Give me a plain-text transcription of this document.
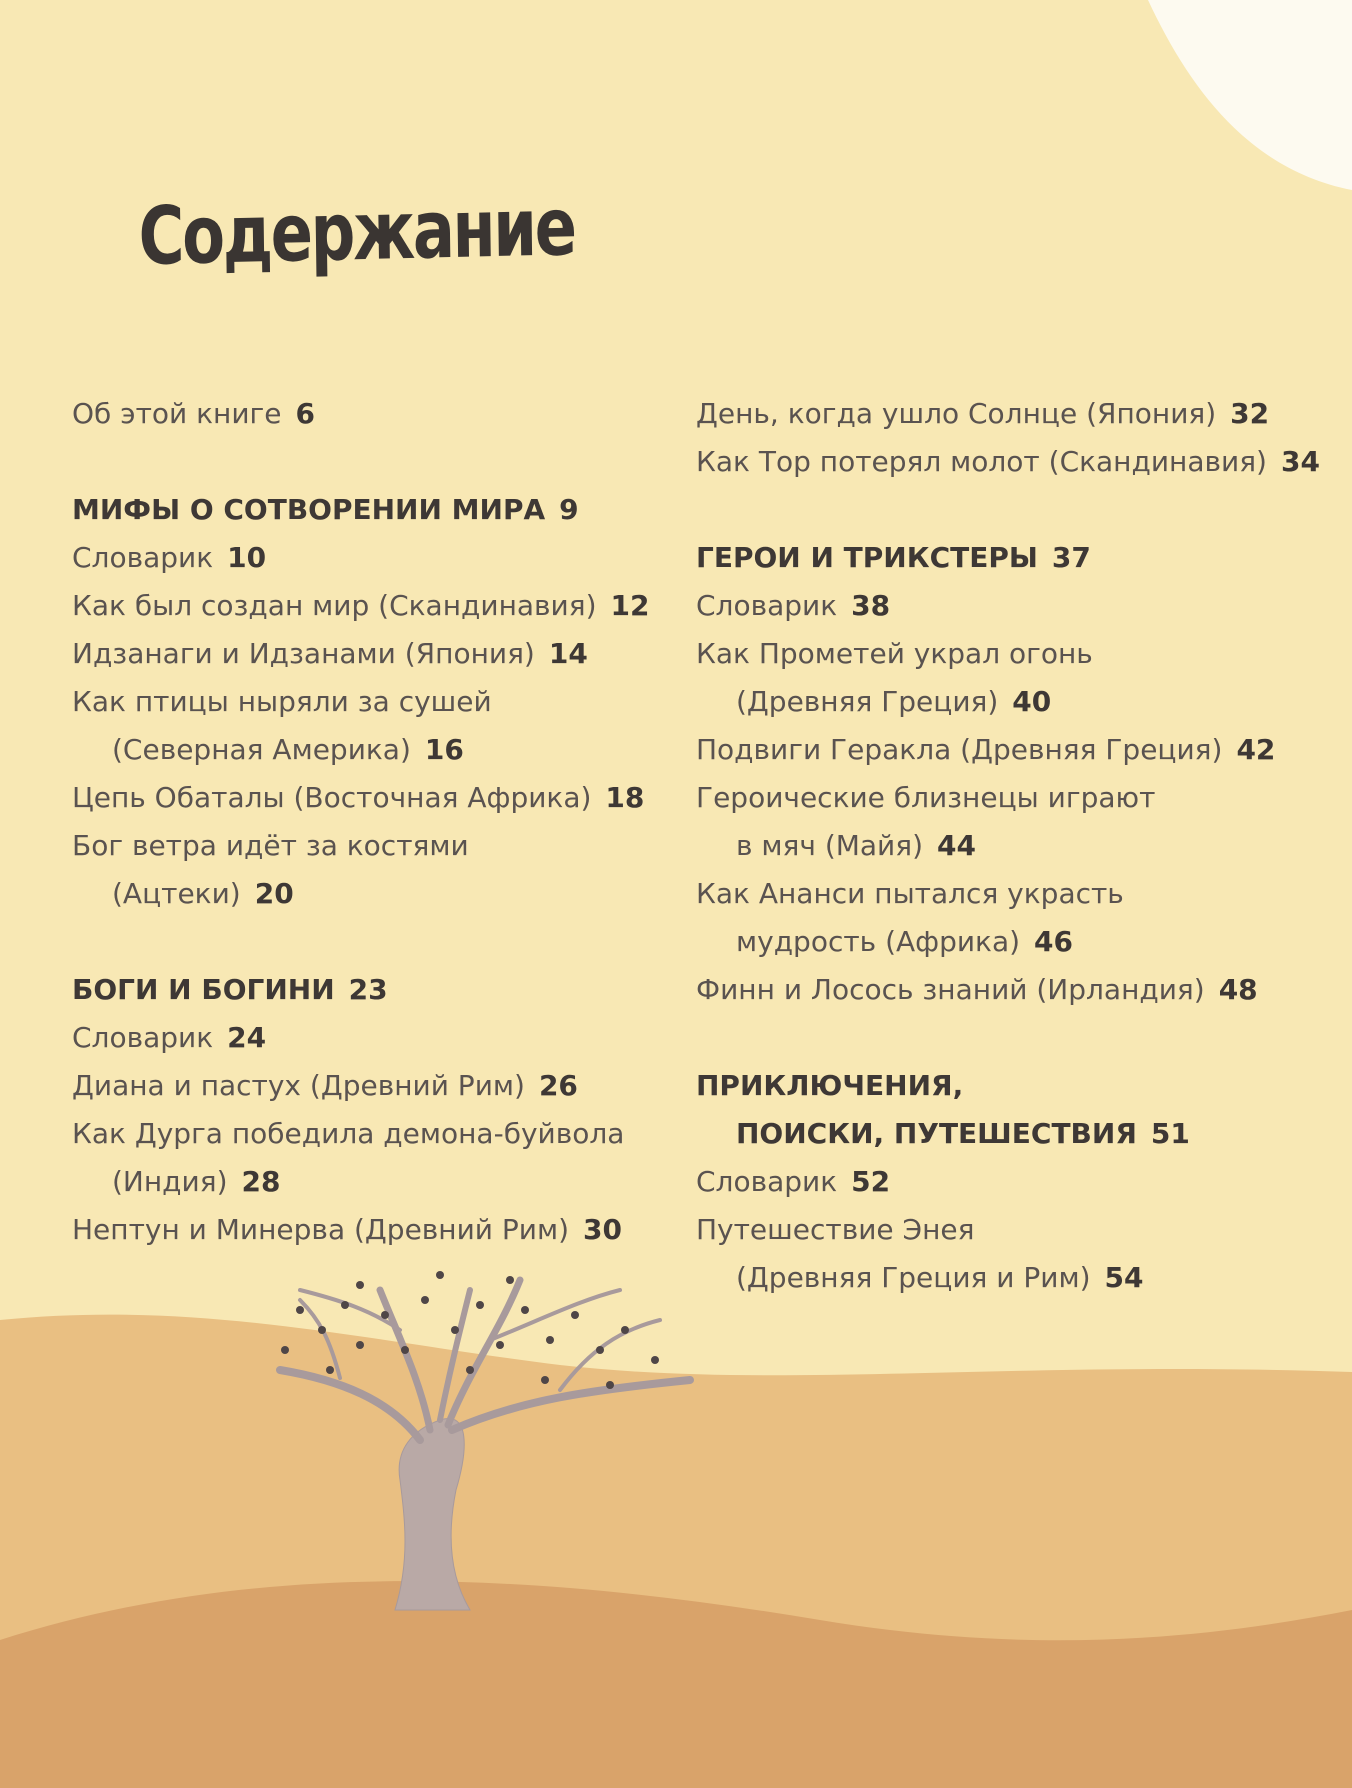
Содержание
Об этой книге 6
МИФЫ О СОТВОРЕНИИ МИРА 9
Словарик 10
Как был создан мир (Скандинавия) 12
Идзанаги и Идзанами (Япония) 14
Как птицы ныряли за сушей
(Северная Америка) 16
Цепь Обаталы (Восточная Африка) 18
Бог ветра идёт за костями
(Ацтеки) 20
БОГИ И БОГИНИ 23
Словарик 24
Диана и пастух (Древний Рим) 26
Как Дурга победила демона-буйвола
(Индия) 28
Нептун и Минерва (Древний Рим) 30
День, когда ушло Солнце (Япония) 32
Как Тор потерял молот (Скандинавия) 34
ГЕРОИ И ТРИКСТЕРЫ 37
Словарик 38
Как Прометей украл огонь
(Древняя Греция) 40
Подвиги Геракла (Древняя Греция) 42
Героические близнецы играют
в мяч (Майя) 44
Как Ананси пытался украсть
мудрость (Африка) 46
Финн и Лосось знаний (Ирландия) 48
ПРИКЛЮЧЕНИЯ,
ПОИСКИ, ПУТЕШЕСТВИЯ 51
Словарик 52
Путешествие Энея
(Древняя Греция и Рим) 54
